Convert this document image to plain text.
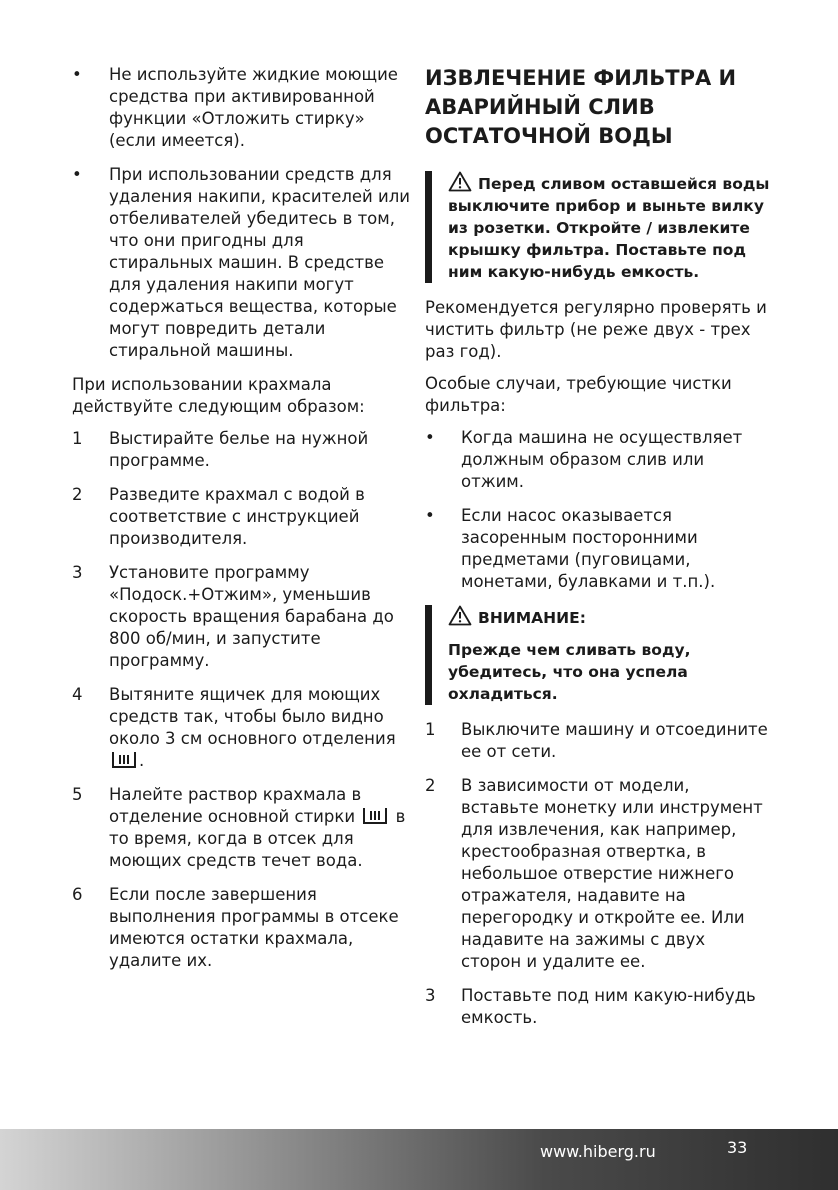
• Не используйте жидкие моющие средства при активированной функции «Отложить стирку» (если имеется).
• При использовании средств для удаления накипи, красителей или отбеливателей убедитесь в том, что они пригодны для стиральных машин. В средстве для удаления накипи могут содержаться вещества, которые могут повредить детали стиральной машины.

При использовании крахмала действуйте следующим образом:

1 Выстирайте белье на нужной программе.
2 Разведите крахмал с водой в соответствие с инструкцией производителя.
3 Установите программу «Подоск.+Отжим», уменьшив скорость вращения барабана до 800 об/мин, и запустите программу.
4 Вытяните ящичек для моющих средств так, чтобы было видно около 3 см основного отделения .
5 Налейте раствор крахмала в отделение основной стирки в то время, когда в отсек для моющих средств течет вода.
6 Если после завершения выполнения программы в отсеке имеются остатки крахмала, удалите их.
ИЗВЛЕЧЕНИЕ ФИЛЬТРА И АВАРИЙНЫЙ СЛИВ ОСТАТОЧНОЙ ВОДЫ

Перед сливом оставшейся воды выключите прибор и выньте вилку из розетки. Откройте / извлеките крышку фильтра. Поставьте под ним какую-нибудь емкость.

Рекомендуется регулярно проверять и чистить фильтр (не реже двух - трех раз год).

Особые случаи, требующие чистки фильтра:

• Когда машина не осуществляет должным образом слив или отжим.
• Если насос оказывается засоренным посторонними предметами (пуговицами, монетами, булавками и т.п.).

ВНИМАНИЕ:

Прежде чем сливать воду, убедитесь, что она успела охладиться.

1 Выключите машину и отсоедините ее от сети.
2 В зависимости от модели, вставьте монетку или инструмент для извлечения, как например, крестообразная отвертка, в небольшое отверстие нижнего отражателя, надавите на перегородку и откройте ее. Или надавите на зажимы с двух сторон и удалите ее.
3 Поставьте под ним какую-нибудь емкость.
www.hiberg.ru	33
